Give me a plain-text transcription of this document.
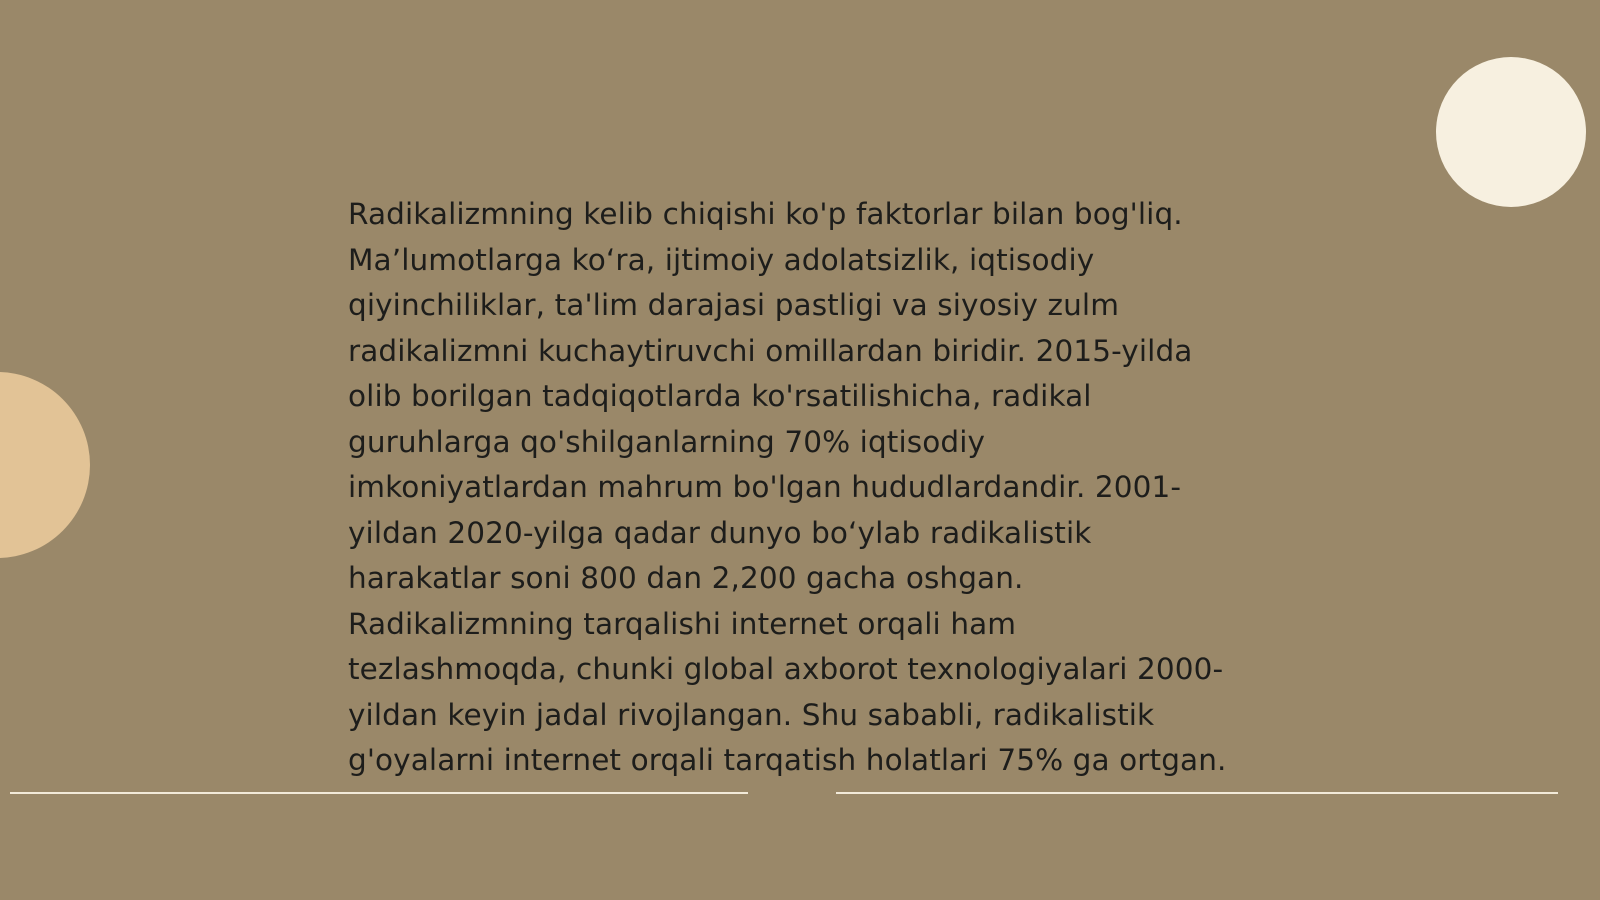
Radikalizmning kelib chiqishi ko'p faktorlar bilan bog'liq. Ma’lumotlarga ko‘ra, ijtimoiy adolatsizlik, iqtisodiy qiyinchiliklar, ta'lim darajasi pastligi va siyosiy zulm radikalizmni kuchaytiruvchi omillardan biridir. 2015-yilda olib borilgan tadqiqotlarda ko'rsatilishicha, radikal guruhlarga qo'shilganlarning 70% iqtisodiy imkoniyatlardan mahrum bo'lgan hududlardandir. 2001-yildan 2020-yilga qadar dunyo bo‘ylab radikalistik harakatlar soni 800 dan 2,200 gacha oshgan. Radikalizmning tarqalishi internet orqali ham tezlashmoqda, chunki global axborot texnologiyalari 2000-yildan keyin jadal rivojlangan. Shu sababli, radikalistik g'oyalarni internet orqali tarqatish holatlari 75% ga ortgan.
